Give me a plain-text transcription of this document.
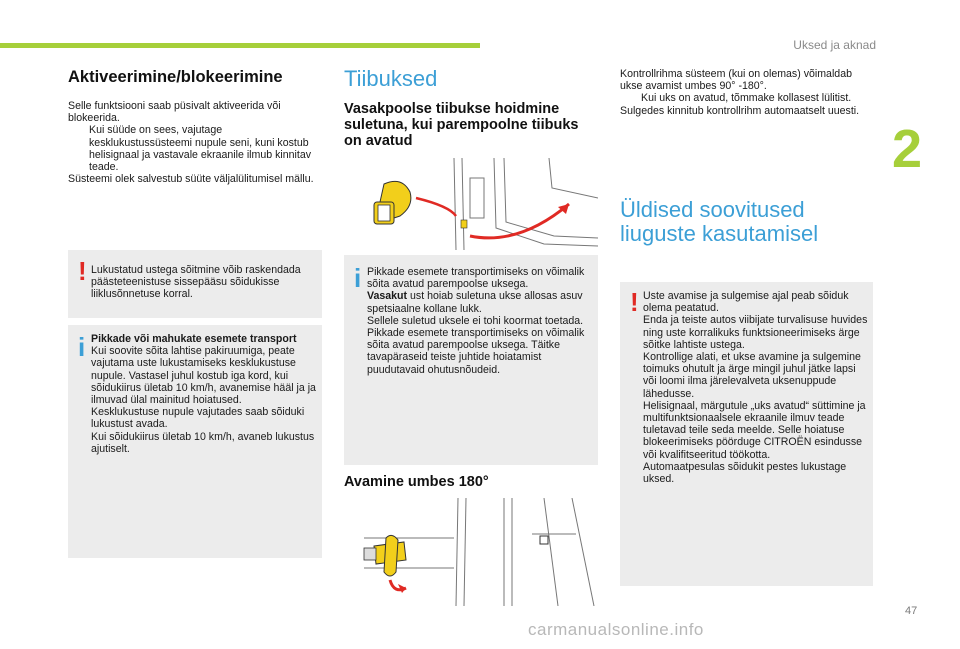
Uksed ja aknad
2
47
carmanualsonline.info
Aktiveerimine/blokeerimine

Selle funktsiooni saab püsivalt aktiveerida või blokeerida.

Kui süüde on sees, vajutage kesklukustussüsteemi nupule seni, kuni kostub helisignaal ja vastavale ekraanile ilmub kinnitav teade.

Süsteemi olek salvestub süüte väljalülitumisel mällu.

! Lukustatud ustega sõitmine võib raskendada päästeteenistuse sissepääsu sõidukisse liiklusõnnetuse korral.
i Pikkade või mahukate esemete transport

Kui soovite sõita lahtise pakiruumiga, peate vajutama uste lukustamiseks kesklukustuse nupule. Vastasel juhul kostub iga kord, kui sõidukiirus ületab 10 km/h, avanemise hääl ja ja ilmuvad ülal mainitud hoiatused.

Kesklukustuse nupule vajutades saab sõiduki lukustust avada.

Kui sõidukiirus ületab 10 km/h, avaneb lukustus ajutiselt.

Tiibuksed
Vasakpoolse tiibukse hoidmine suletuna, kui parempoolne tiibuks on avatud
i Pikkade esemete transportimiseks on võimalik sõita avatud parempoolse uksega.

Vasakut ust hoiab suletuna ukse allosas asuv spetsiaalne kollane lukk.

Sellele suletud uksele ei tohi koormat toetada.

Pikkade esemete transportimiseks on võimalik sõita avatud parempoolse uksega. Täitke tavapäraseid teiste juhtide hoiatamist puudutavaid ohutusnõudeid.

Avamine umbes 180°

Kontrollrihma süsteem (kui on olemas) võimaldab ukse avamist umbes 90° -180°.

Kui uks on avatud, tõmmake kollasest lülitist.

Sulgedes kinnitub kontrollrihm automaatselt uuesti.

Üldised soovitused liuguste kasutamisel
! Uste avamise ja sulgemise ajal peab sõiduk olema peatatud.

Enda ja teiste autos viibijate turvalisuse huvides ning uste korralikuks funktsioneerimiseks ärge sõitke lahtiste ustega.

Kontrollige alati, et ukse avamine ja sulgemine toimuks ohutult ja ärge mingil juhul jätke lapsi või loomi ilma järelevalveta uksenuppude lähedusse.

Helisignaal, märgutule „uks avatud“ süttimine ja multifunktsionaalsele ekraanile ilmuv teade tuletavad teile seda meelde. Selle hoiatuse blokeerimiseks pöörduge CITROËN esindusse või kvalifitseeritud töökotta.

Automaatpesulas sõidukit pestes lukustage uksed.
